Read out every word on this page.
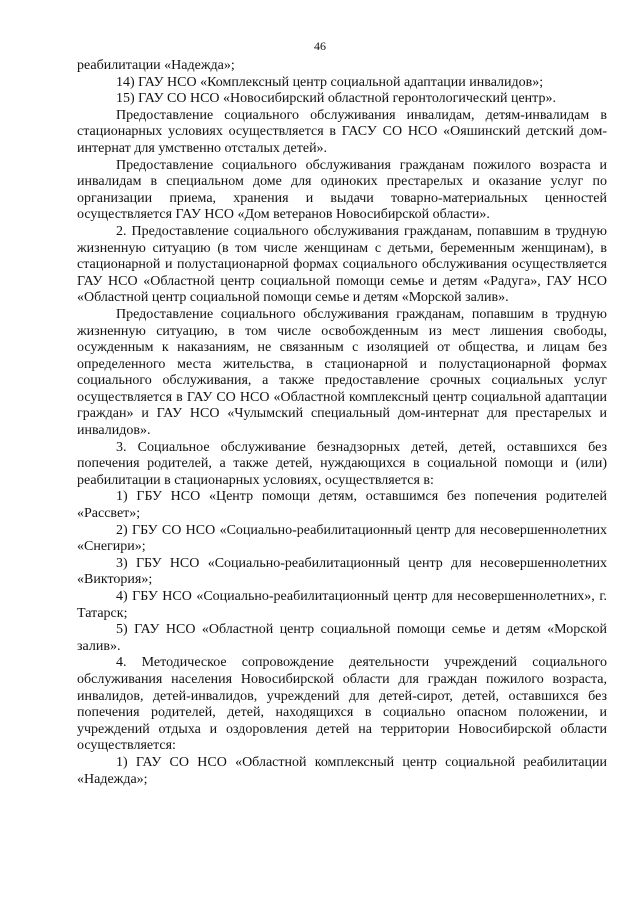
46

реабилитации «Надежда»;

14) ГАУ НСО «Комплексный центр социальной адаптации инвалидов»;

15) ГАУ СО НСО «Новосибирский областной геронтологический центр».

Предоставление социального обслуживания инвалидам, детям-инвалидам в стационарных условиях осуществляется в ГАСУ СО НСО «Ояшинский детский дом-интернат для умственно отсталых детей».

Предоставление социального обслуживания гражданам пожилого возраста и инвалидам в специальном доме для одиноких престарелых и оказание услуг по организации приема, хранения и выдачи товарно-материальных ценностей осуществляется ГАУ НСО «Дом ветеранов Новосибирской области».

2. Предоставление социального обслуживания гражданам, попавшим в трудную жизненную ситуацию (в том числе женщинам с детьми, беременным женщинам), в стационарной и полустационарной формах социального обслуживания осуществляется ГАУ НСО «Областной центр социальной помощи семье и детям «Радуга», ГАУ НСО «Областной центр социальной помощи семье и детям «Морской залив».

Предоставление социального обслуживания гражданам, попавшим в трудную жизненную ситуацию, в том числе освобожденным из мест лишения свободы, осужденным к наказаниям, не связанным с изоляцией от общества, и лицам без определенного места жительства, в стационарной и полустационарной формах социального обслуживания, а также предоставление срочных социальных услуг осуществляется в ГАУ СО НСО «Областной комплексный центр социальной адаптации граждан» и ГАУ НСО «Чулымский специальный дом-интернат для престарелых и инвалидов».

3. Социальное обслуживание безнадзорных детей, детей, оставшихся без попечения родителей, а также детей, нуждающихся в социальной помощи и (или) реабилитации в стационарных условиях, осуществляется в:

1) ГБУ НСО «Центр помощи детям, оставшимся без попечения родителей «Рассвет»;

2) ГБУ СО НСО «Социально-реабилитационный центр для несовершеннолетних «Снегири»;

3) ГБУ НСО «Социально-реабилитационный центр для несовершеннолетних «Виктория»;

4) ГБУ НСО «Социально-реабилитационный центр для несовершеннолетних», г. Татарск;

5) ГАУ НСО «Областной центр социальной помощи семье и детям «Морской залив».

4. Методическое сопровождение деятельности учреждений социального обслуживания населения Новосибирской области для граждан пожилого возраста, инвалидов, детей-инвалидов, учреждений для детей-сирот, детей, оставшихся без попечения родителей, детей, находящихся в социально опасном положении, и учреждений отдыха и оздоровления детей на территории Новосибирской области осуществляется:

1) ГАУ СО НСО «Областной комплексный центр социальной реабилитации «Надежда»;
